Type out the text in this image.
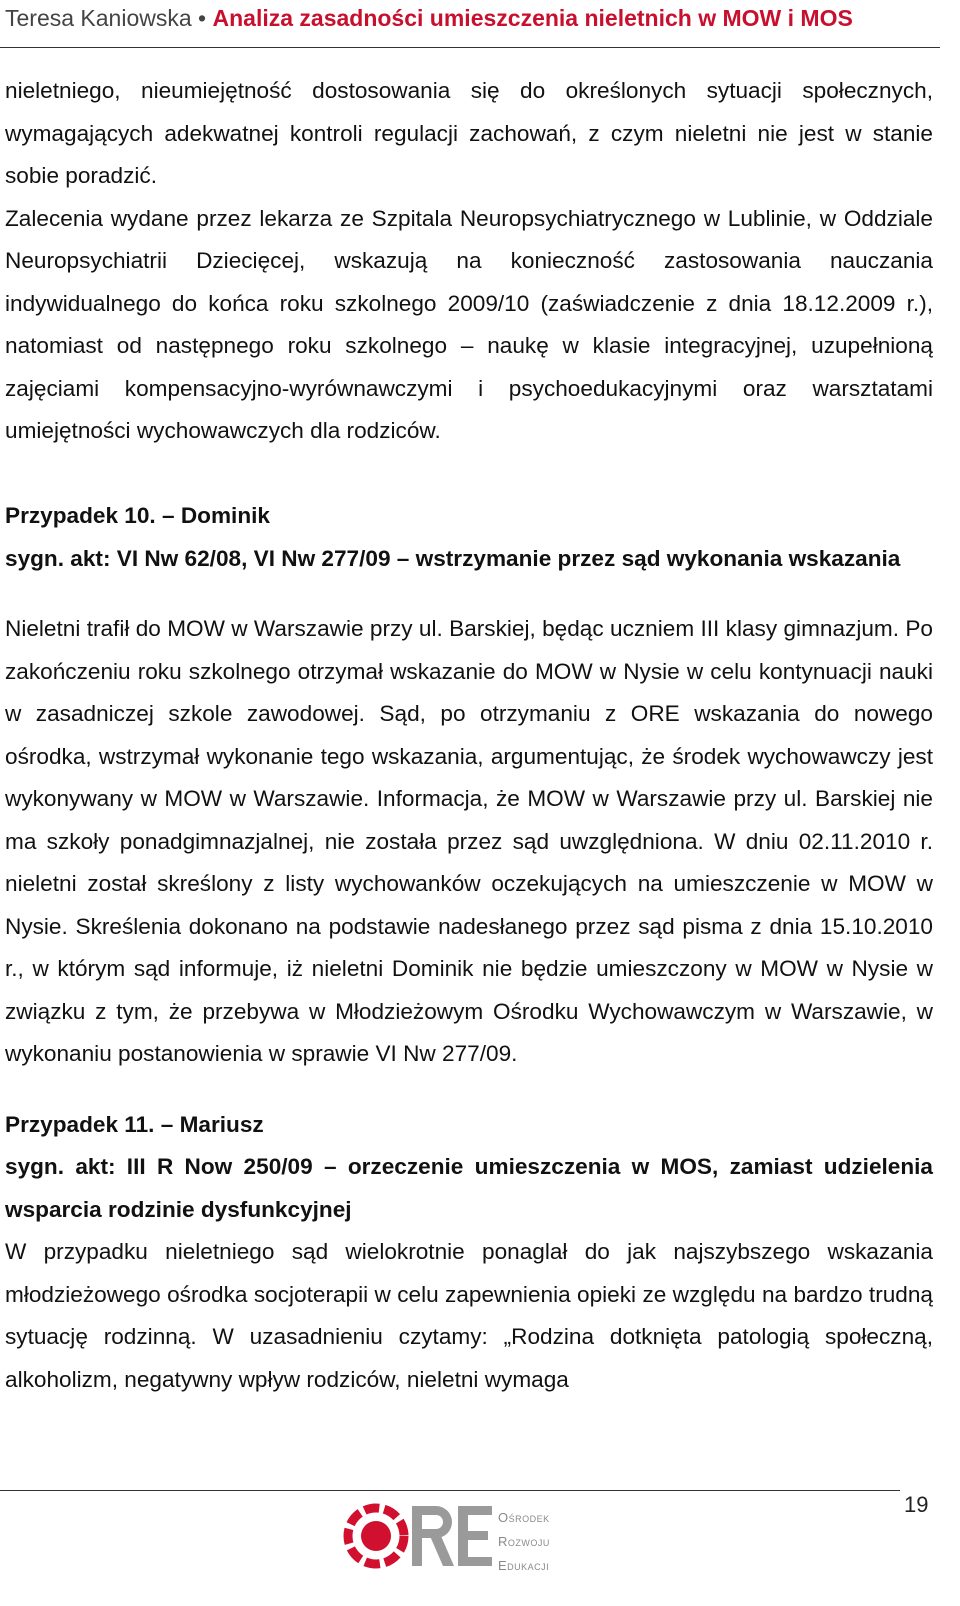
Teresa Kaniowska • Analiza zasadności umieszczenia nieletnich w MOW i MOS

nieletniego, nieumiejętność dostosowania się do określonych sytuacji społecznych, wymagających adekwatnej kontroli regulacji zachowań, z czym nieletni nie jest w stanie sobie poradzić.

Zalecenia wydane przez lekarza ze Szpitala Neuropsychiatrycznego w Lublinie, w Oddziale Neuropsychiatrii Dziecięcej, wskazują na konieczność zastosowania nauczania indywidualnego do końca roku szkolnego 2009/10 (zaświadczenie z dnia 18.12.2009 r.), natomiast od następnego roku szkolnego – naukę w klasie integracyjnej, uzupełnioną zajęciami kompensacyjno-wyrównawczymi i psychoedukacyjnymi oraz warsztatami umiejętności wychowawczych dla rodziców.

Przypadek 10. – Dominik

sygn. akt: VI Nw 62/08, VI Nw 277/09 – wstrzymanie przez sąd wykonania wskazania

Nieletni trafił do MOW w Warszawie przy ul. Barskiej, będąc uczniem III klasy gimnazjum. Po zakończeniu roku szkolnego otrzymał wskazanie do MOW w Nysie w celu kontynuacji nauki w zasadniczej szkole zawodowej. Sąd, po otrzymaniu z ORE wskazania do nowego ośrodka, wstrzymał wykonanie tego wskazania, argumentując, że środek wychowawczy jest wykonywany w MOW w Warszawie. Informacja, że MOW w Warszawie przy ul. Barskiej nie ma szkoły ponadgimnazjalnej, nie została przez sąd uwzględniona. W dniu 02.11.2010 r. nieletni został skreślony z listy wychowanków oczekujących na umieszczenie w MOW w Nysie. Skreślenia dokonano na podstawie nadesłanego przez sąd pisma z dnia 15.10.2010 r., w którym sąd informuje, iż nieletni Dominik nie będzie umieszczony w MOW w Nysie w związku z tym, że przebywa w Młodzieżowym Ośrodku Wychowawczym w Warszawie, w wykonaniu postanowienia w sprawie VI Nw 277/09.

Przypadek 11. – Mariusz

sygn. akt: III R Now 250/09 – orzeczenie umieszczenia w MOS, zamiast udzielenia wsparcia rodzinie dysfunkcyjnej

W przypadku nieletniego sąd wielokrotnie ponaglał do jak najszybszego wskazania młodzieżowego ośrodka socjoterapii w celu zapewnienia opieki ze względu na bardzo trudną sytuację rodzinną. W uzasadnieniu czytamy: „Rodzina dotknięta patologią społeczną, alkoholizm, negatywny wpływ rodziców, nieletni wymaga

19
Ośrodek
Rozwoju
Edukacji
